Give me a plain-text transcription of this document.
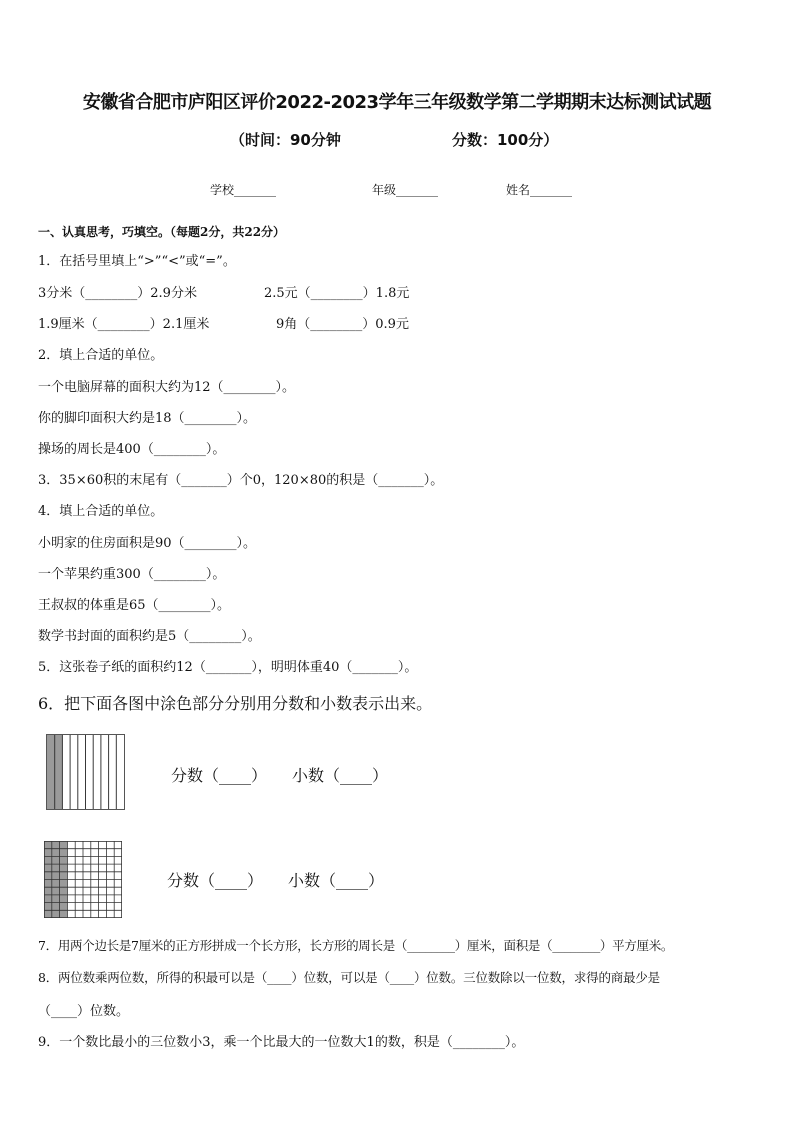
安徽省合肥市庐阳区评价2022-2023学年三年级数学第二学期期末达标测试试题
（时间：90分钟	分数：100分）
学校_______	年级_______	姓名_______
一、认真思考，巧填空。（每题2分，共22分）
1．在括号里填上“>”“<”或“=”。
3分米（________）2.9分米	2.5元（________）1.8元
1.9厘米（________）2.1厘米	9角（________）0.9元
2．填上合适的单位。
一个电脑屏幕的面积大约为12（________）。
你的脚印面积大约是18（________）。
操场的周长是400（________）。
3．35×60积的末尾有（_______）个0，120×80的积是（_______）。
4．填上合适的单位。
小明家的住房面积是90（________）。
一个苹果约重300（________）。
王叔叔的体重是65（________）。
数学书封面的面积约是5（________）。
5．这张卷子纸的面积约12（_______），明明体重40（_______）。
6．把下面各图中涂色部分分别用分数和小数表示出来。
分数（____） 小数（____）
分数（____） 小数（____）
7．用两个边长是7厘米的正方形拼成一个长方形，长方形的周长是（________）厘米，面积是（________）平方厘米。
8．两位数乘两位数，所得的积最可以是（____）位数，可以是（____）位数。三位数除以一位数，求得的商最少是
（____）位数。
9．一个数比最小的三位数小3，乘一个比最大的一位数大1的数，积是（________）。
